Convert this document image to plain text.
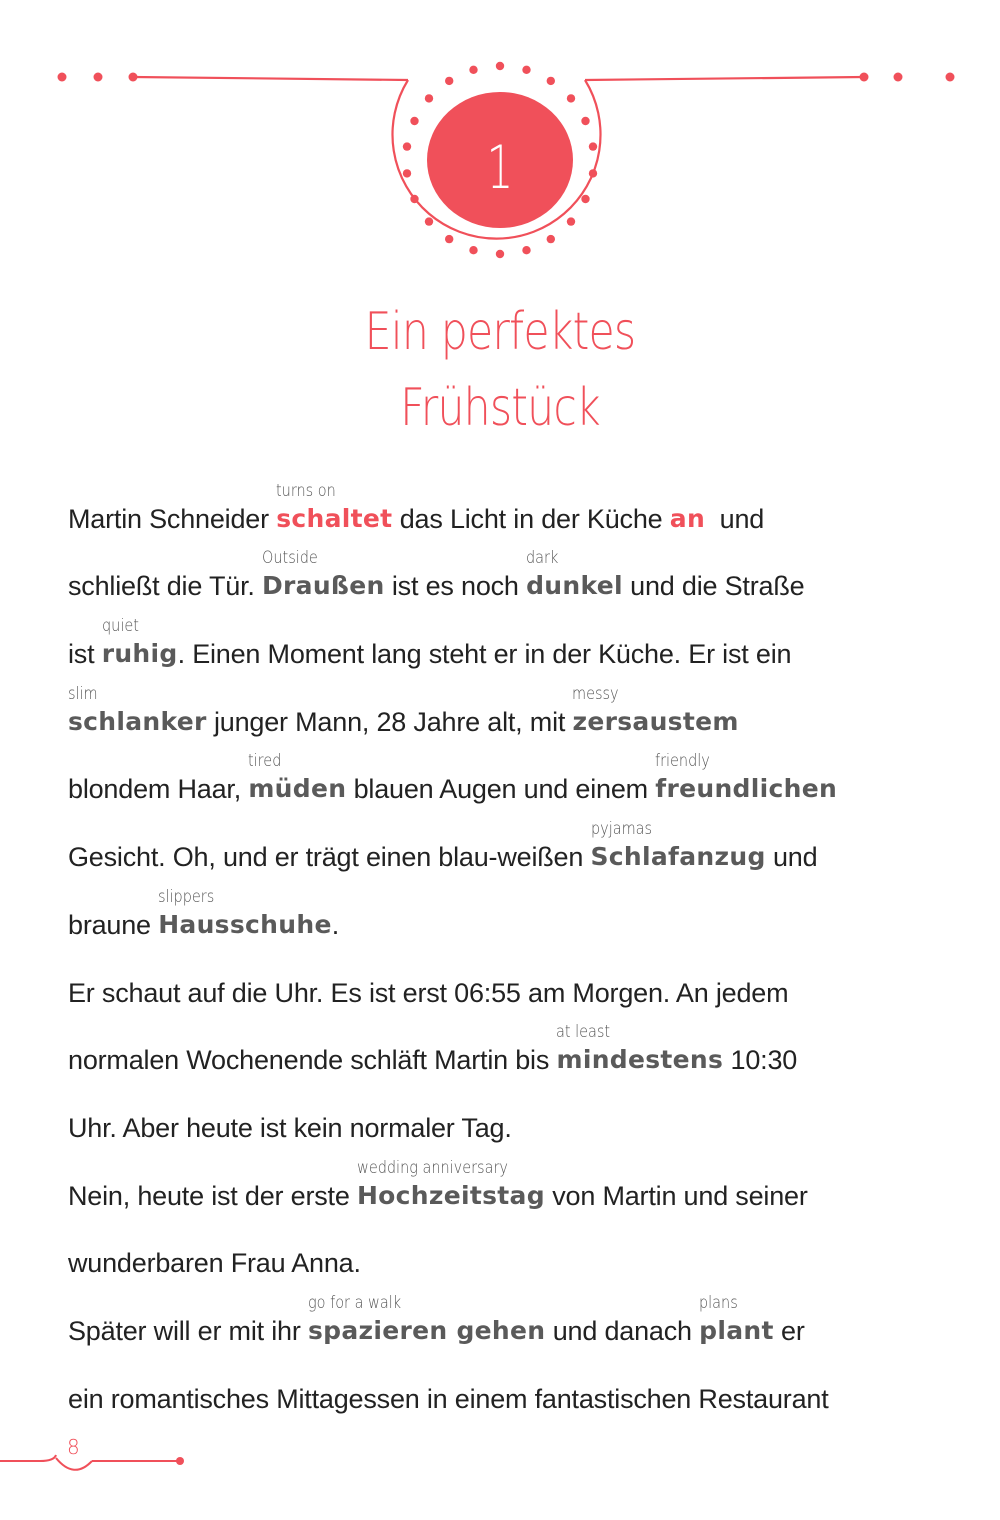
1
Ein perfektes
Frühstück
Martin Schneider schaltet
turns on
das Licht in der Küche an und
schließt die Tür. Draußen
Outside
ist es noch dunkel
dark
und die Straße
ist ruhig
quiet
. Einen Moment lang steht er in der Küche. Er ist ein
schlanker
slim
junger Mann, 28 Jahre alt, mit zersaustem
messy
blondem Haar, müden
tired
blauen Augen und einem freundlichen
friendly
Gesicht. Oh, und er trägt einen blau-weißen Schlafanzug
pyjamas
und
braune Hausschuhe
slippers
.
Er schaut auf die Uhr. Es ist erst 06:55 am Morgen. An jedem
normalen Wochenende schläft Martin bis mindestens
at least
10:30
Uhr. Aber heute ist kein normaler Tag.
Nein, heute ist der erste Hochzeitstag
wedding anniversary
von Martin und seiner
wunderbaren Frau Anna.
Später will er mit ihr spazieren gehen
go for a walk
und danach plant
plans
er
ein romantisches Mittagessen in einem fantastischen Restaurant
8
